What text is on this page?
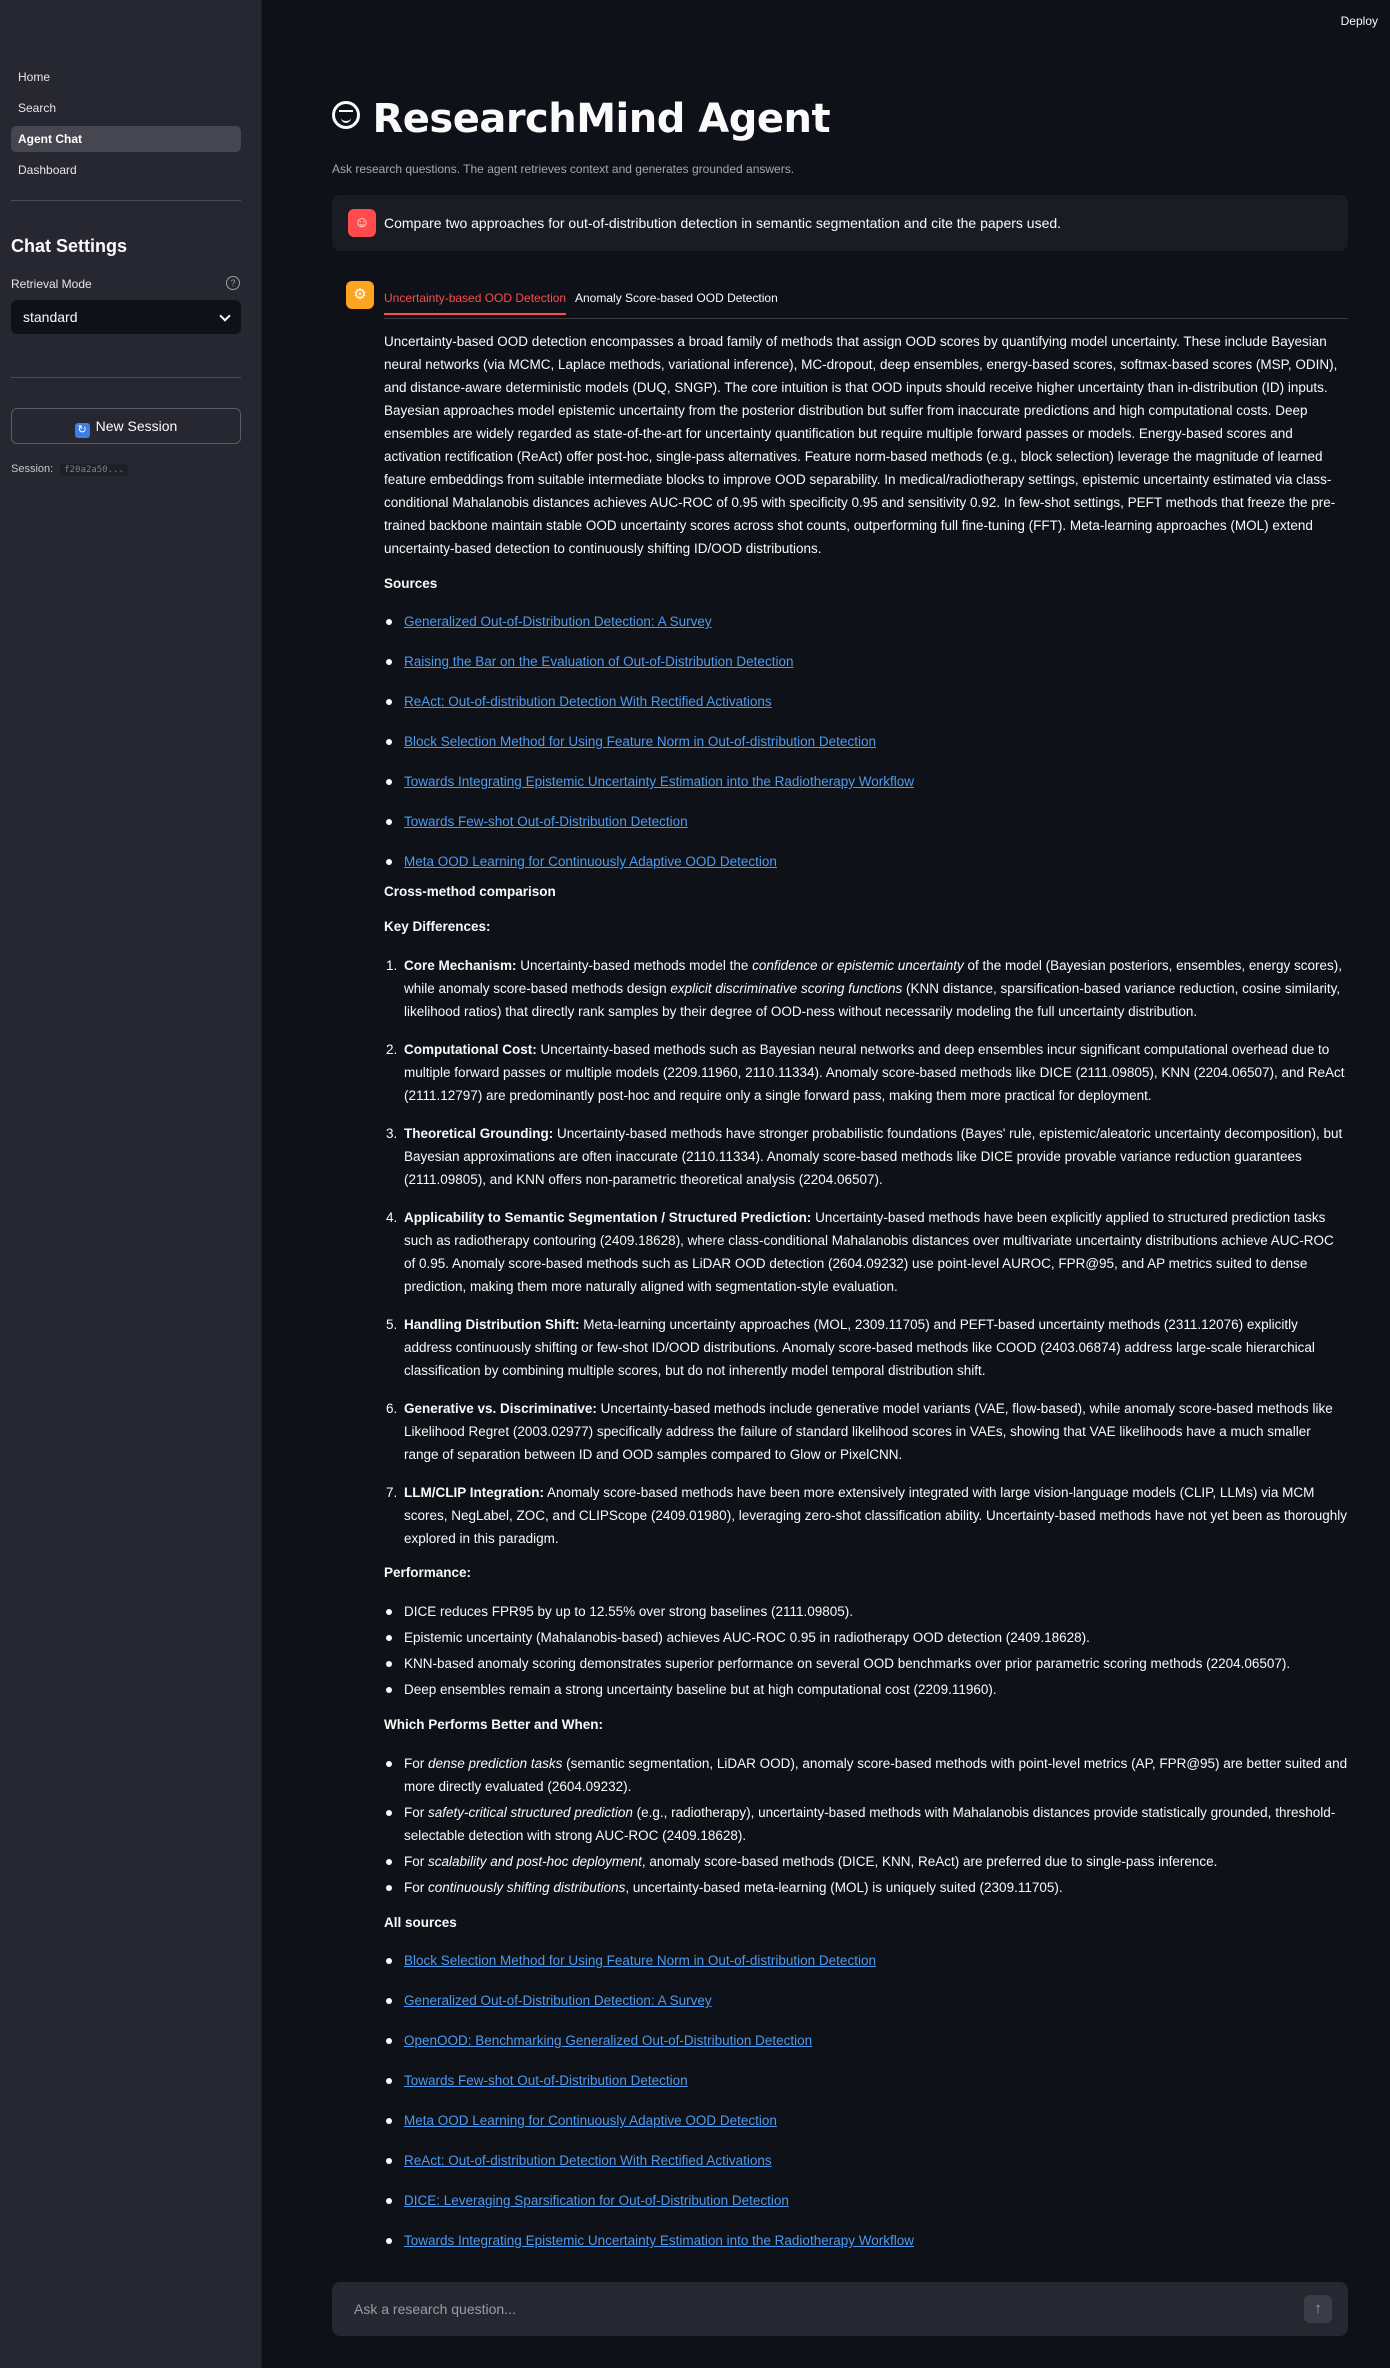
Home
Search
Agent Chat
Dashboard
Chat Settings
Retrieval Mode	?
standard
↻ New Session
Session: f20a2a50...
Deploy
ResearchMind Agent
Ask research questions. The agent retrieves context and generates grounded answers.
☺	Compare two approaches for out-of-distribution detection in semantic segmentation and cite the papers used.
⚙	Uncertainty-based OOD Detection Anomaly Score-based OOD Detection

Uncertainty-based OOD detection encompasses a broad family of methods that assign OOD scores by quantifying model uncertainty. These include Bayesian neural networks (via MCMC, Laplace methods, variational inference), MC-dropout, deep ensembles, energy-based scores, softmax-based scores (MSP, ODIN), and distance-aware deterministic models (DUQ, SNGP). The core intuition is that OOD inputs should receive higher uncertainty than in-distribution (ID) inputs. Bayesian approaches model epistemic uncertainty from the posterior distribution but suffer from inaccurate predictions and high computational costs. Deep ensembles are widely regarded as state-of-the-art for uncertainty quantification but require multiple forward passes or models. Energy-based scores and activation rectification (ReAct) offer post-hoc, single-pass alternatives. Feature norm-based methods (e.g., block selection) leverage the magnitude of learned feature embeddings from suitable intermediate blocks to improve OOD separability. In medical/radiotherapy settings, epistemic uncertainty estimated via class-conditional Mahalanobis distances achieves AUC-ROC of 0.95 with specificity 0.95 and sensitivity 0.92. In few-shot settings, PEFT methods that freeze the pre-trained backbone maintain stable OOD uncertainty scores across shot counts, outperforming full fine-tuning (FFT). Meta-learning approaches (MOL) extend uncertainty-based detection to continuously shifting ID/OOD distributions.

Sources
Generalized Out-of-Distribution Detection: A Survey
Raising the Bar on the Evaluation of Out-of-Distribution Detection
ReAct: Out-of-distribution Detection With Rectified Activations
Block Selection Method for Using Feature Norm in Out-of-distribution Detection
Towards Integrating Epistemic Uncertainty Estimation into the Radiotherapy Workflow
Towards Few-shot Out-of-Distribution Detection
Meta OOD Learning for Continuously Adaptive OOD Detection
Cross-method comparison
Key Differences:
1. Core Mechanism: Uncertainty-based methods model the confidence or epistemic uncertainty of the model (Bayesian posteriors, ensembles, energy scores), while anomaly score-based methods design explicit discriminative scoring functions (KNN distance, sparsification-based variance reduction, cosine similarity, likelihood ratios) that directly rank samples by their degree of OOD-ness without necessarily modeling the full uncertainty distribution.
2. Computational Cost: Uncertainty-based methods such as Bayesian neural networks and deep ensembles incur significant computational overhead due to multiple forward passes or multiple models (2209.11960, 2110.11334). Anomaly score-based methods like DICE (2111.09805), KNN (2204.06507), and ReAct (2111.12797) are predominantly post-hoc and require only a single forward pass, making them more practical for deployment.
3. Theoretical Grounding: Uncertainty-based methods have stronger probabilistic foundations (Bayes' rule, epistemic/aleatoric uncertainty decomposition), but Bayesian approximations are often inaccurate (2110.11334). Anomaly score-based methods like DICE provide provable variance reduction guarantees (2111.09805), and KNN offers non-parametric theoretical analysis (2204.06507).
4. Applicability to Semantic Segmentation / Structured Prediction: Uncertainty-based methods have been explicitly applied to structured prediction tasks such as radiotherapy contouring (2409.18628), where class-conditional Mahalanobis distances over multivariate uncertainty distributions achieve AUC-ROC of 0.95. Anomaly score-based methods such as LiDAR OOD detection (2604.09232) use point-level AUROC, FPR@95, and AP metrics suited to dense prediction, making them more naturally aligned with segmentation-style evaluation.
5. Handling Distribution Shift: Meta-learning uncertainty approaches (MOL, 2309.11705) and PEFT-based uncertainty methods (2311.12076) explicitly address continuously shifting or few-shot ID/OOD distributions. Anomaly score-based methods like COOD (2403.06874) address large-scale hierarchical classification by combining multiple scores, but do not inherently model temporal distribution shift.
6. Generative vs. Discriminative: Uncertainty-based methods include generative model variants (VAE, flow-based), while anomaly score-based methods like Likelihood Regret (2003.02977) specifically address the failure of standard likelihood scores in VAEs, showing that VAE likelihoods have a much smaller range of separation between ID and OOD samples compared to Glow or PixelCNN.
7. LLM/CLIP Integration: Anomaly score-based methods have been more extensively integrated with large vision-language models (CLIP, LLMs) via MCM scores, NegLabel, ZOC, and CLIPScope (2409.01980), leveraging zero-shot classification ability. Uncertainty-based methods have not yet been as thoroughly explored in this paradigm.
Performance:
DICE reduces FPR95 by up to 12.55% over strong baselines (2111.09805).
Epistemic uncertainty (Mahalanobis-based) achieves AUC-ROC 0.95 in radiotherapy OOD detection (2409.18628).
KNN-based anomaly scoring demonstrates superior performance on several OOD benchmarks over prior parametric scoring methods (2204.06507).
Deep ensembles remain a strong uncertainty baseline but at high computational cost (2209.11960).
Which Performs Better and When:
For dense prediction tasks (semantic segmentation, LiDAR OOD), anomaly score-based methods with point-level metrics (AP, FPR@95) are better suited and more directly evaluated (2604.09232).
For safety-critical structured prediction (e.g., radiotherapy), uncertainty-based methods with Mahalanobis distances provide statistically grounded, threshold-selectable detection with strong AUC-ROC (2409.18628).
For scalability and post-hoc deployment, anomaly score-based methods (DICE, KNN, ReAct) are preferred due to single-pass inference.
For continuously shifting distributions, uncertainty-based meta-learning (MOL) is uniquely suited (2309.11705).
All sources
Block Selection Method for Using Feature Norm in Out-of-distribution Detection
Generalized Out-of-Distribution Detection: A Survey
OpenOOD: Benchmarking Generalized Out-of-Distribution Detection
Towards Few-shot Out-of-Distribution Detection
Meta OOD Learning for Continuously Adaptive OOD Detection
ReAct: Out-of-distribution Detection With Rectified Activations
DICE: Leveraging Sparsification for Out-of-Distribution Detection
Towards Integrating Epistemic Uncertainty Estimation into the Radiotherapy Workflow
Ask a research question...
↑
